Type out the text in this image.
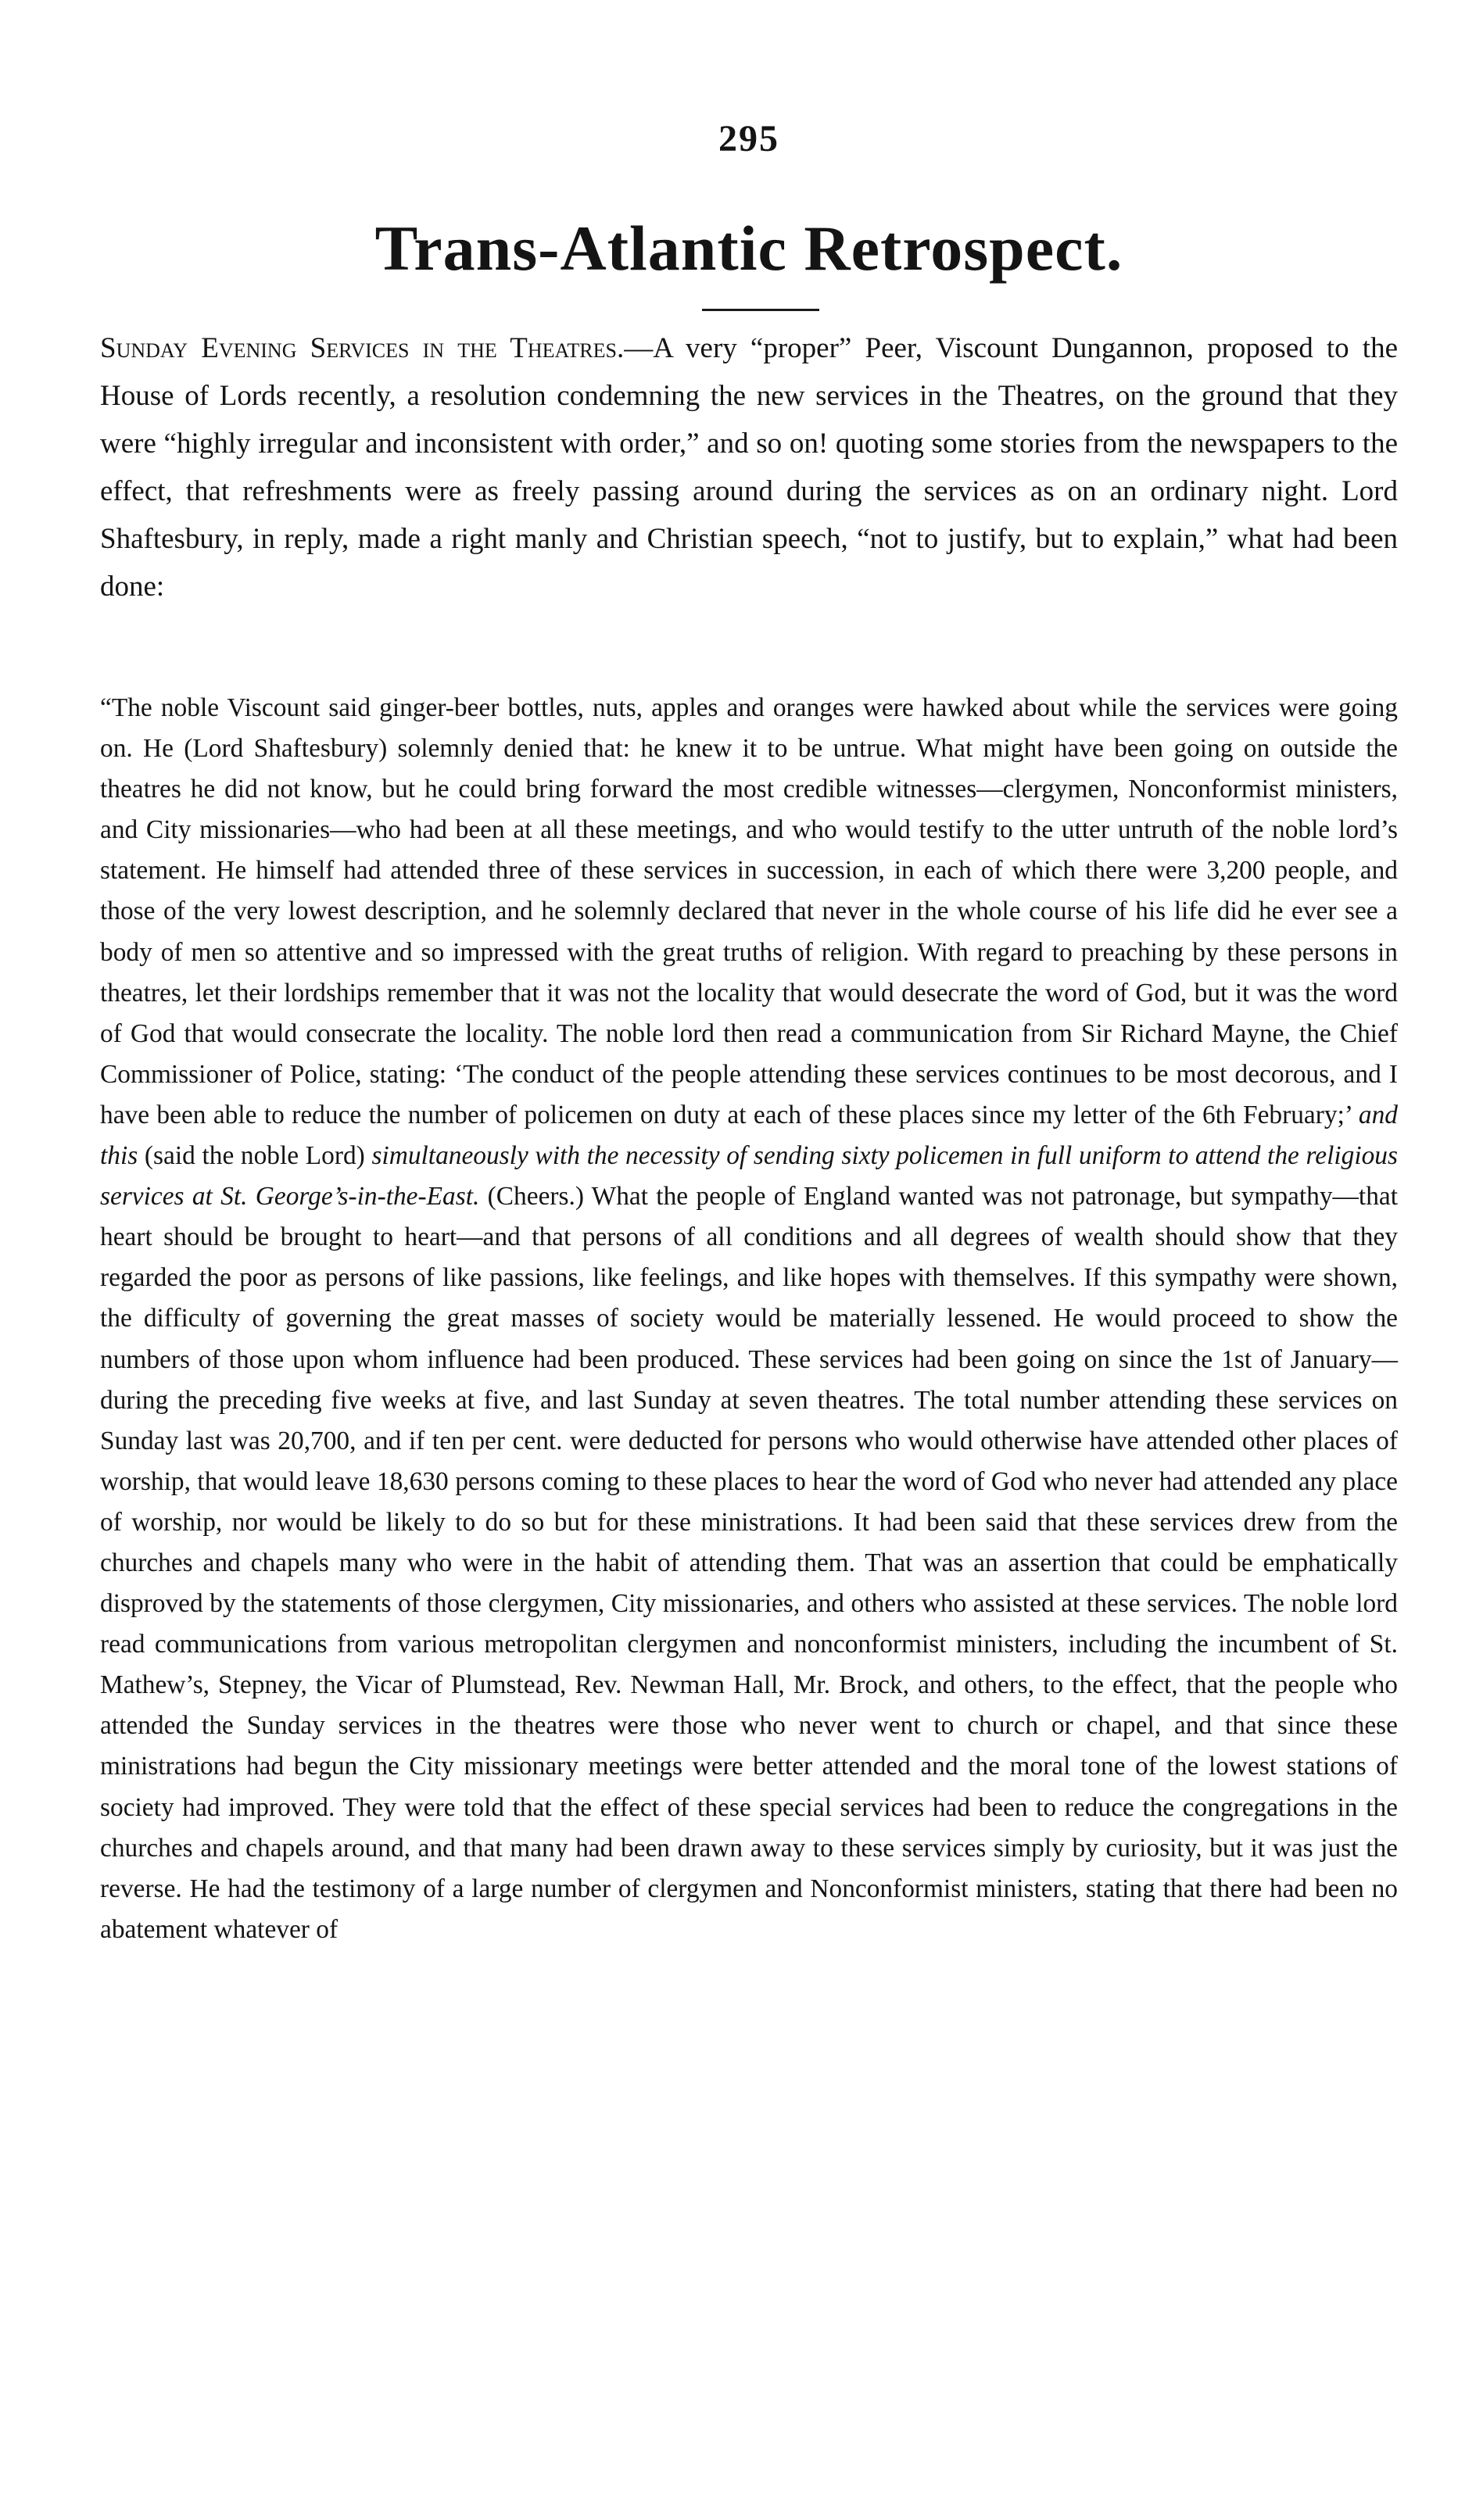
295
Trans-Atlantic Retrospect.

Sunday Evening Services in the Theatres.—A very “proper” Peer, Viscount Dungannon, proposed to the House of Lords recently, a resolution condemning the new services in the Theatres, on the ground that they were “highly irregular and inconsistent with order,” and so on! quoting some stories from the newspapers to the effect, that refreshments were as freely passing around during the services as on an ordinary night. Lord Shaftesbury, in reply, made a right manly and Christian speech, “not to justify, but to explain,” what had been done:

“The noble Viscount said ginger-beer bottles, nuts, apples and oranges were hawked about while the services were going on. He (Lord Shaftesbury) solemnly denied that: he knew it to be untrue. What might have been going on outside the theatres he did not know, but he could bring forward the most credible witnesses—clergymen, Nonconformist ministers, and City missionaries—who had been at all these meetings, and who would testify to the utter untruth of the noble lord’s statement. He himself had attended three of these services in succession, in each of which there were 3,200 people, and those of the very lowest description, and he solemnly declared that never in the whole course of his life did he ever see a body of men so attentive and so impressed with the great truths of religion. With regard to preaching by these persons in theatres, let their lordships remember that it was not the locality that would desecrate the word of God, but it was the word of God that would consecrate the locality. The noble lord then read a communication from Sir Richard Mayne, the Chief Commissioner of Police, stating: ‘The conduct of the people attending these services continues to be most decorous, and I have been able to reduce the number of policemen on duty at each of these places since my letter of the 6th February;’ and this (said the noble Lord) simultaneously with the necessity of sending sixty policemen in full uniform to attend the religious services at St. George’s-in-the-East. (Cheers.) What the people of England wanted was not patronage, but sympathy—that heart should be brought to heart—and that persons of all conditions and all degrees of wealth should show that they regarded the poor as persons of like passions, like feelings, and like hopes with themselves. If this sympathy were shown, the difficulty of governing the great masses of society would be materially lessened. He would proceed to show the numbers of those upon whom influence had been produced. These services had been going on since the 1st of January—during the preceding five weeks at five, and last Sunday at seven theatres. The total number attending these services on Sunday last was 20,700, and if ten per cent. were deducted for persons who would otherwise have attended other places of worship, that would leave 18,630 persons coming to these places to hear the word of God who never had attended any place of worship, nor would be likely to do so but for these ministrations. It had been said that these services drew from the churches and chapels many who were in the habit of attending them. That was an assertion that could be emphatically disproved by the statements of those clergymen, City missionaries, and others who assisted at these services. The noble lord read communications from various metropolitan clergymen and nonconformist ministers, including the incumbent of St. Mathew’s, Stepney, the Vicar of Plumstead, Rev. Newman Hall, Mr. Brock, and others, to the effect, that the people who attended the Sunday services in the theatres were those who never went to church or chapel, and that since these ministrations had begun the City missionary meetings were better attended and the moral tone of the lowest stations of society had improved. They were told that the effect of these special services had been to reduce the congregations in the churches and chapels around, and that many had been drawn away to these services simply by curiosity, but it was just the reverse. He had the testimony of a large number of clergymen and Nonconformist ministers, stating that there had been no abatement whatever of
